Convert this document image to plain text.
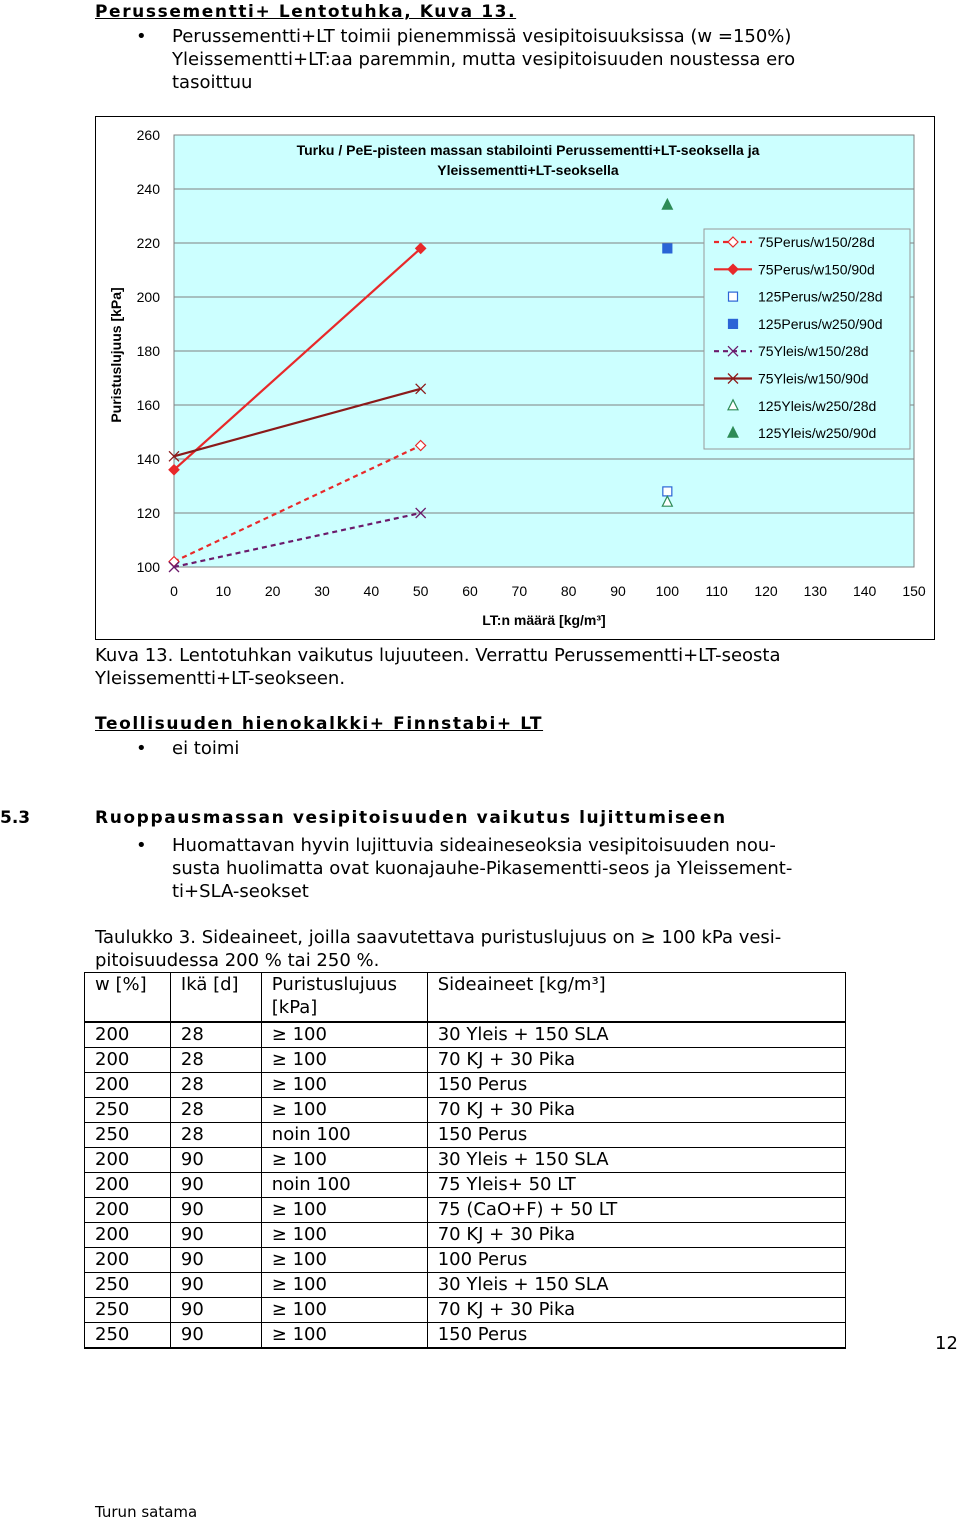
Perussementti+ Lentotuhka, Kuva 13.
• Perussementti+LT toimii pienemmissä vesipitoisuuksissa (w =150%)
Yleissementti+LT:aa paremmin, mutta vesipitoisuuden noustessa ero
tasoittuu
100
120
140
160
180
200
220
240
260
0	10 20 30 40 50 60 70 80 90 100 110 120 130 140 150
Turku / PeE-pisteen massan stabilointi Perussementti+LT-seoksella ja
Yleissementti+LT-seoksella
Puristuslujuus [kPa]
LT:n määrä [kg/m³]
75Perus/w150/28d
75Perus/w150/90d
125Perus/w250/28d
125Perus/w250/90d
75Yleis/w150/28d
75Yleis/w150/90d
125Yleis/w250/28d
125Yleis/w250/90d
Kuva 13. Lentotuhkan vaikutus lujuuteen. Verrattu Perussementti+LT-seosta
Yleissementti+LT-seokseen.
Teollisuuden hienokalkki+ Finnstabi+ LT
• ei toimi
5.3	Ruoppausmassan vesipitoisuuden vaikutus lujittumiseen
• Huomattavan hyvin lujittuvia sideaineseoksia vesipitoisuuden nou-
susta huolimatta ovat kuonajauhe-Pikasementti-seos ja Yleissement-
ti+SLA-seokset
Taulukko 3. Sideaineet, joilla saavutettava puristuslujuus on ≥ 100 kPa vesi-
pitoisuudessa 200 % tai 250 %.
w [%]	Ikä [d]	Puristuslujuus [kPa]	Sideaineet [kg/m³]
200	28	≥ 100	30 Yleis + 150 SLA
200	28	≥ 100	70 KJ + 30 Pika
200	28	≥ 100	150 Perus
250	28	≥ 100	70 KJ + 30 Pika
250	28	noin 100	150 Perus
200	90	≥ 100	30 Yleis + 150 SLA
200	90	noin 100	75 Yleis+ 50 LT
200	90	≥ 100	75 (CaO+F) + 50 LT
200	90	≥ 100	70 KJ + 30 Pika
200	90	≥ 100	100 Perus
250	90	≥ 100	30 Yleis + 150 SLA
250	90	≥ 100	70 KJ + 30 Pika
250	90	≥ 100	150 Perus	12
Turun satama
